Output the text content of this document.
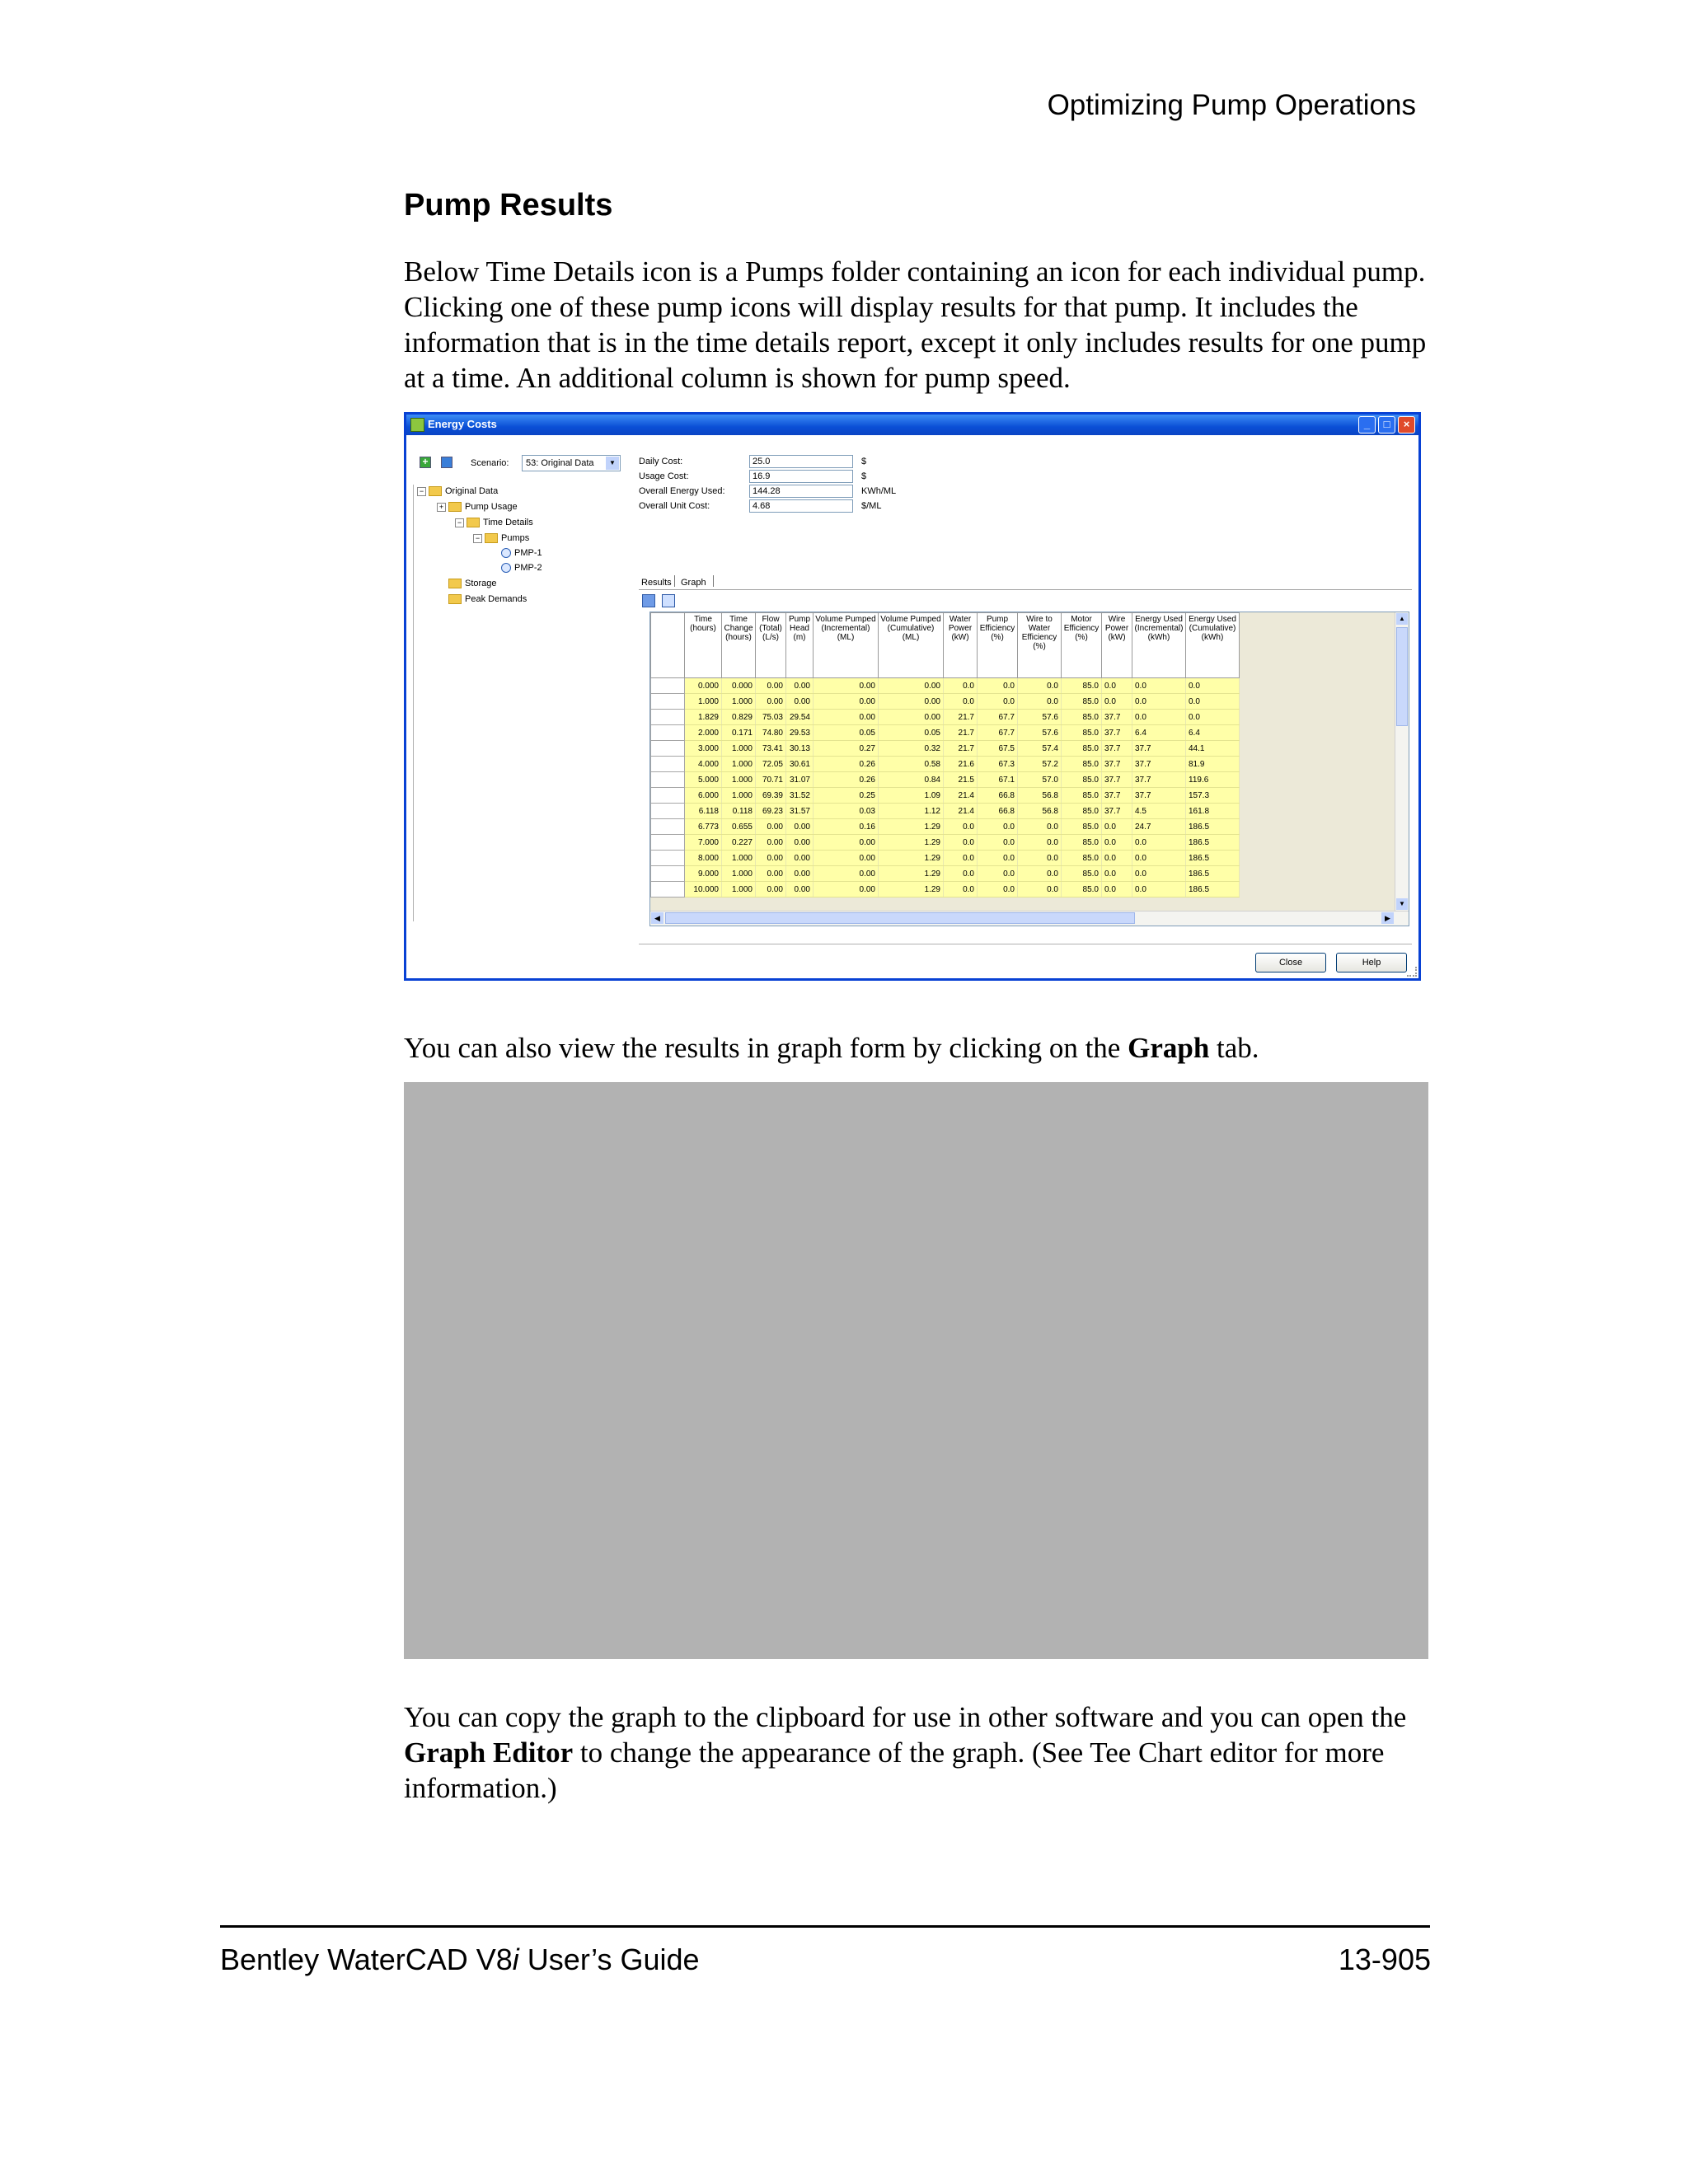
Optimizing Pump Operations
Pump Results
Below Time Details icon is a Pumps folder containing an icon for each individual pump. Clicking one of these pump icons will display results for that pump. It includes the information that is in the time details report, except it only includes results for one pump at a time. An additional column is shown for pump speed.
Energy Costs	_	□	×
+	Scenario: 53: Original Data	▼
− Original Data
+ Pump Usage
− Time Details
− Pumps
PMP-1
PMP-2
Storage
Peak Demands
Daily Cost:	25.0	$
Usage Cost:	16.9	$
Overall Energy Used:	144.28	KWh/ML
Overall Unit Cost:	4.68	$/ML
Results Graph
	Time (hours)	Time Change (hours)	Flow (Total) (L/s)	Pump Head (m)	Volume Pumped (Incremental) (ML)	Volume Pumped (Cumulative) (ML)	Water Power (kW)	Pump Efficiency (%)	Wire to Water Efficiency (%)	Motor Efficiency (%)	Wire Power (kW)	Energy Used (Incremental) (kWh)	Energy Used (Cumulative) (kWh)
	0.000	0.000	0.00	0.00	0.00	0.00	0.0	0.0	0.0	85.0	0.0	0.0	0.0
	1.000	1.000	0.00	0.00	0.00	0.00	0.0	0.0	0.0	85.0	0.0	0.0	0.0
	1.829	0.829	75.03	29.54	0.00	0.00	21.7	67.7	57.6	85.0	37.7	0.0	0.0
	2.000	0.171	74.80	29.53	0.05	0.05	21.7	67.7	57.6	85.0	37.7	6.4	6.4
	3.000	1.000	73.41	30.13	0.27	0.32	21.7	67.5	57.4	85.0	37.7	37.7	44.1
	4.000	1.000	72.05	30.61	0.26	0.58	21.6	67.3	57.2	85.0	37.7	37.7	81.9
	5.000	1.000	70.71	31.07	0.26	0.84	21.5	67.1	57.0	85.0	37.7	37.7	119.6
	6.000	1.000	69.39	31.52	0.25	1.09	21.4	66.8	56.8	85.0	37.7	37.7	157.3
	6.118	0.118	69.23	31.57	0.03	1.12	21.4	66.8	56.8	85.0	37.7	4.5	161.8
	6.773	0.655	0.00	0.00	0.16	1.29	0.0	0.0	0.0	85.0	0.0	24.7	186.5
	7.000	0.227	0.00	0.00	0.00	1.29	0.0	0.0	0.0	85.0	0.0	0.0	186.5
	8.000	1.000	0.00	0.00	0.00	1.29	0.0	0.0	0.0	85.0	0.0	0.0	186.5
	9.000	1.000	0.00	0.00	0.00	1.29	0.0	0.0	0.0	85.0	0.0	0.0	186.5
	10.000	1.000	0.00	0.00	0.00	1.29	0.0	0.0	0.0	85.0	0.0	0.0	186.5
▲
▼
◀	▶
Close	Help
You can also view the results in graph form by clicking on the Graph tab.
You can copy the graph to the clipboard for use in other software and you can open the Graph Editor to change the appearance of the graph. (See Tee Chart editor for more information.)
Bentley WaterCAD V8i User’s Guide	13-905
